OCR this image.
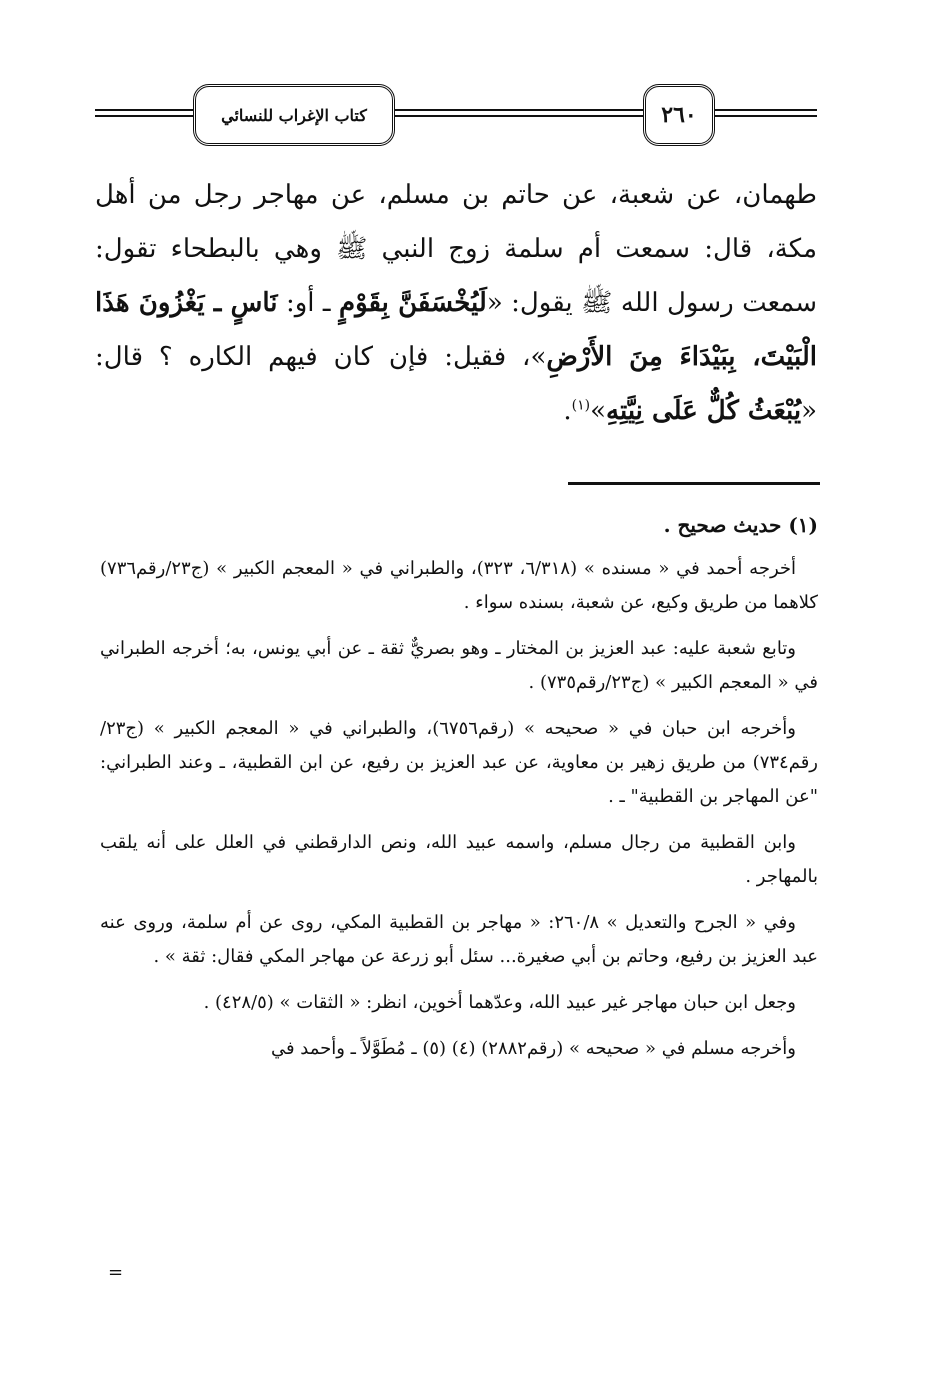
كتاب الإغراب للنسائي	٢٦٠
طهمان، عن شعبة، عن حاتم بن مسلم، عن مهاجر رجل من أهل مكة، قال: سمعت أم سلمة زوج النبي ﷺ وهي بالبطحاء تقول: سمعت رسول الله ﷺ يقول: «لَيُخْسَفَنَّ بِقَوْمٍ ـ أو: نَاسٍ ـ يَغْزُونَ هَذَا الْبَيْتَ، بِبَيْدَاءَ مِنَ الأَرْضِ»، فقيل: فإن كان فيهم الكاره ؟ قال: «يُبْعَثُ كُلٌّ عَلَى نِيَّتِهِ»$^{(١)}$.

(١) حديث صحيح .

أخرجه أحمد في « مسنده » (٦/٣١٨، ٣٢٣)، والطبراني في « المعجم الكبير » (ج٢٣/رقم٧٣٦) كلاهما من طريق وكيع، عن شعبة، بسنده سواء .

وتابع شعبة عليه: عبد العزيز بن المختار ـ وهو بصريٌّ ثقة ـ عن أبي يونس، به؛ أخرجه الطبراني في « المعجم الكبير » (ج٢٣/رقم٧٣٥) .

وأخرجه ابن حبان في « صحيحه » (رقم٦٧٥٦)، والطبراني في « المعجم الكبير » (ج٢٣/رقم٧٣٤) من طريق زهير بن معاوية، عن عبد العزيز بن رفيع، عن ابن القطبية، ـ وعند الطبراني: "عن المهاجر بن القطبية" ـ .

وابن القطبية من رجال مسلم، واسمه عبيد الله، ونص الدارقطني في العلل على أنه يلقب بالمهاجر .

وفي « الجرح والتعديل » ٢٦٠/٨: « مهاجر بن القطبية المكي، روى عن أم سلمة، وروى عنه عبد العزيز بن رفيع، وحاتم بن أبي صغيرة... سئل أبو زرعة عن مهاجر المكي فقال: ثقة » .

وجعل ابن حبان مهاجر غير عبيد الله، وعدّهما أخوين، انظر: « الثقات » (٤٢٨/٥) .

وأخرجه مسلم في « صحيحه » (رقم٢٨٨٢) (٤) (٥) ـ مُطَوَّلاً ـ وأحمد في

=
